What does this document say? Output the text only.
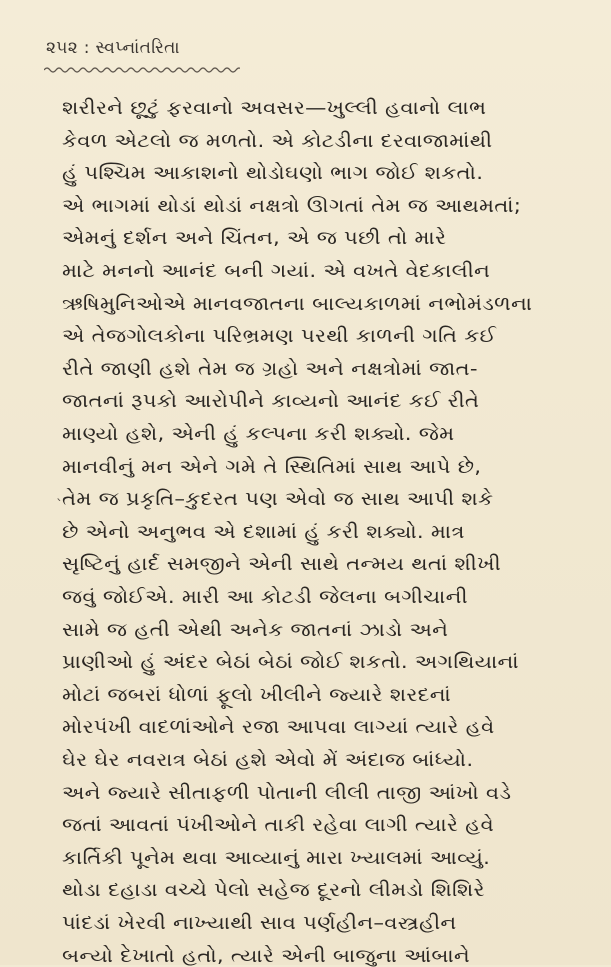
૨૫૨ : સ્વપ્નાંતરિતા
શરીરને છૂટું ફરવાનો અવસર—ખુલ્લી હવાનો લાભ
કેવળ એટલો જ મળતો. એ કોટડીના દરવાજામાંથી
હું પશ્ચિમ આકાશનો થોડોઘણો ભાગ જોઈ શકતો.
એ ભાગમાં થોડાં થોડાં નક્ષત્રો ઊગતાં તેમ જ આથમતાં;
એમનું દર્શન અને ચિંતન, એ જ પછી તો મારે
માટે મનનો આનંદ બની ગયાં. એ વખતે વેદકાલીન
ઋષિમુનિઓએ માનવજાતના બાલ્યકાળમાં નભોમંડળના
એ તેજગોલકોના પરિભ્રમણ પરથી કાળની ગતિ કઈ
રીતે જાણી હશે તેમ જ ગ્રહો અને નક્ષત્રોમાં જાત-
જાતનાં રૂપકો આરોપીને કાવ્યનો આનંદ કઈ રીતે
માણ્યો હશે, એની હું કલ્પના કરી શક્યો. જેમ
માનવીનું મન એને ગમે તે સ્થિતિમાં સાથ આપે છે,
તેમ જ પ્રકૃતિ–કુદરત પણ એવો જ સાથ આપી શકે
છે એનો અનુભવ એ દશામાં હું કરી શક્યો. માત્ર
સૃષ્ટિનું હાર્દ સમજીને એની સાથે તન્મય થતાં શીખી
જવું જોઈએ. મારી આ કોટડી જેલના બગીચાની
સામે જ હતી એથી અનેક જાતનાં ઝાડો અને
પ્રાણીઓ હું અંદર બેઠાં બેઠાં જોઈ શકતો. અગથિયાનાં
મોટાં જબરાં ધોળાં ફૂલો ખીલીને જ્યારે શરદનાં
મોરપંખી વાદળાંઓને રજા આપવા લાગ્યાં ત્યારે હવે
ઘેર ઘેર નવરાત્ર બેઠાં હશે એવો મેં અંદાજ બાંધ્યો.
અને જ્યારે સીતાફળી પોતાની લીલી તાજી આંખો વડે
જતાં આવતાં પંખીઓને તાકી રહેવા લાગી ત્યારે હવે
કાર્તિકી પૂનેમ થવા આવ્યાનું મારા ખ્યાલમાં આવ્યું.
થોડા દહાડા વચ્ચે પેલો સહેજ દૂરનો લીમડો શિશિરે
પાંદડાં ખેરવી નાખ્યાથી સાવ પર્ણહીન–વસ્ત્રહીન
બન્યો દેખાતો હતો, ત્યારે એની બાજુના આંબાને
`
